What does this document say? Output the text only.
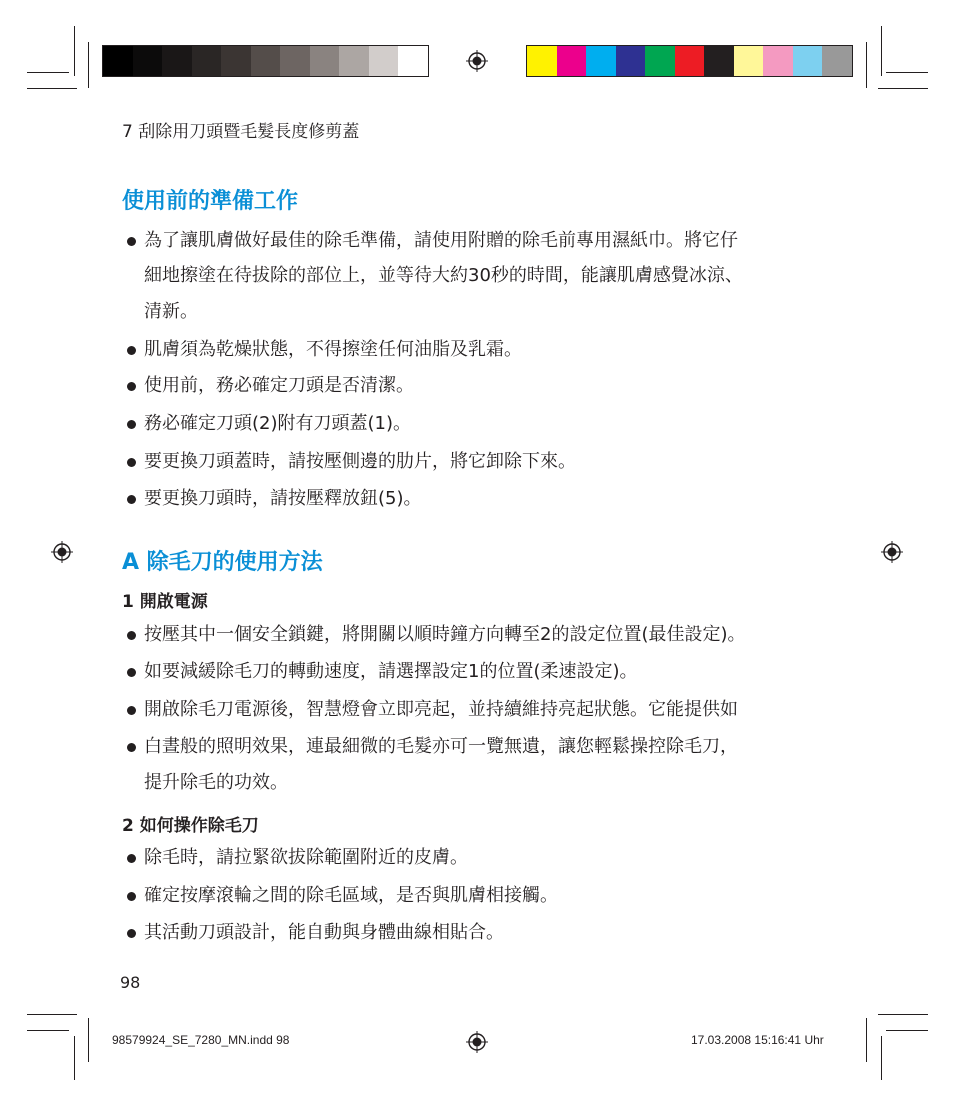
7 刮除用刀頭暨毛髮長度修剪蓋
使用前的準備工作
為了讓肌膚做好最佳的除毛準備，請使用附贈的除毛前專用濕紙巾。將它仔
細地擦塗在待拔除的部位上，並等待大約30秒的時間，能讓肌膚感覺冰涼、
清新。
肌膚須為乾燥狀態，不得擦塗任何油脂及乳霜。
使用前，務必確定刀頭是否清潔。
務必確定刀頭(2)附有刀頭蓋(1)。
要更換刀頭蓋時，請按壓側邊的肋片，將它卸除下來。
要更換刀頭時，請按壓釋放鈕(5)。
A 除毛刀的使用方法
1 開啟電源
按壓其中一個安全鎖鍵，將開關以順時鐘方向轉至2的設定位置(最佳設定)。
如要減緩除毛刀的轉動速度，請選擇設定1的位置(柔速設定)。
開啟除毛刀電源後，智慧燈會立即亮起，並持續維持亮起狀態。它能提供如
白晝般的照明效果，連最細微的毛髮亦可一覽無遺，讓您輕鬆操控除毛刀，
提升除毛的功效。
2 如何操作除毛刀
除毛時，請拉緊欲拔除範圍附近的皮膚。
確定按摩滾輪之間的除毛區域，是否與肌膚相接觸。
其活動刀頭設計，能自動與身體曲線相貼合。
98
98579924_SE_7280_MN.indd 98	17.03.2008 15:16:41 Uhr
